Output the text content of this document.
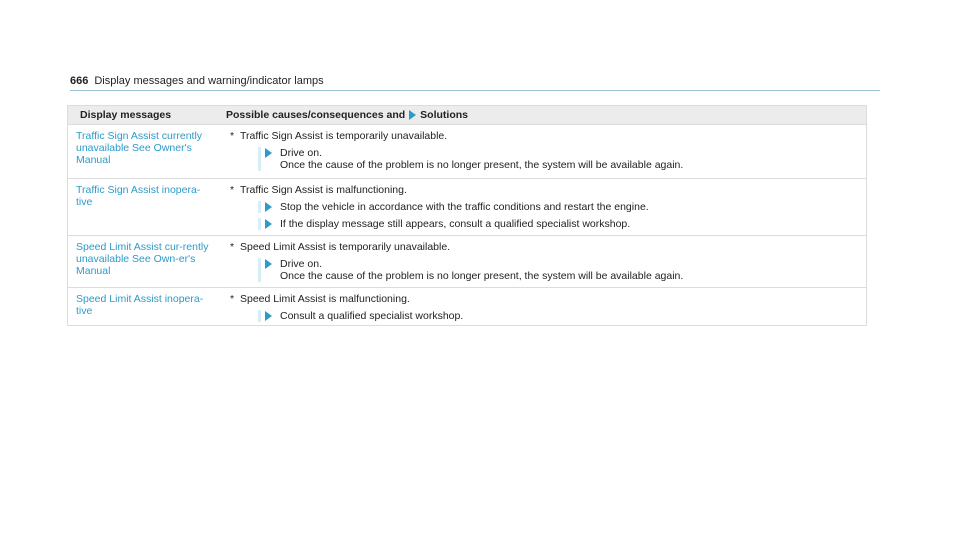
666 Display messages and warning/indicator lamps
Display messages	Possible causes/consequences and Solutions
Traffic Sign Assist currently unavailable See Owner's Manual
* Traffic Sign Assist is temporarily unavailable.
Drive on.
Once the cause of the problem is no longer present, the system will be available again.
Traffic Sign Assist inopera-tive
* Traffic Sign Assist is malfunctioning.
Stop the vehicle in accordance with the traffic conditions and restart the engine.
If the display message still appears, consult a qualified specialist workshop.
Speed Limit Assist cur-rently unavailable See Own-er's Manual
* Speed Limit Assist is temporarily unavailable.
Drive on.
Once the cause of the problem is no longer present, the system will be available again.
Speed Limit Assist inopera-tive
* Speed Limit Assist is malfunctioning.
Consult a qualified specialist workshop.
